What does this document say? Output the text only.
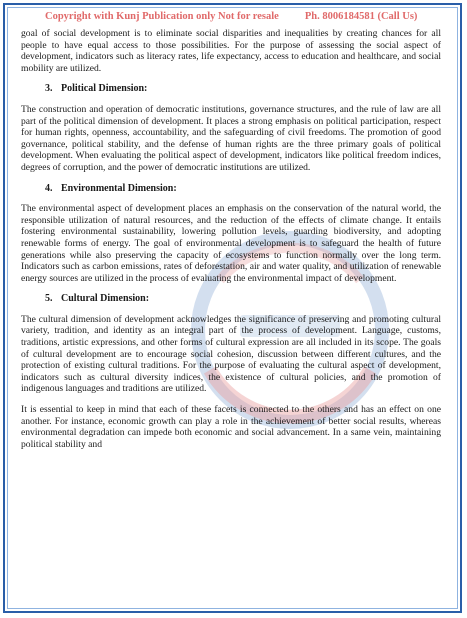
Copyright with Kunj Publication only Not for resale Ph. 8006184581 (Call Us)

goal of social development is to eliminate social disparities and inequalities by creating chances for all people to have equal access to those possibilities. For the purpose of assessing the social aspect of development, indicators such as literacy rates, life expectancy, access to education and healthcare, and social mobility are utilized.

3. Political Dimension:

The construction and operation of democratic institutions, governance structures, and the rule of law are all part of the political dimension of development. It places a strong emphasis on political participation, respect for human rights, openness, accountability, and the safeguarding of civil freedoms. The promotion of good governance, political stability, and the defense of human rights are the three primary goals of political development. When evaluating the political aspect of development, indicators like political freedom indices, degrees of corruption, and the power of democratic institutions are utilized.

4. Environmental Dimension:

The environmental aspect of development places an emphasis on the conservation of the natural world, the responsible utilization of natural resources, and the reduction of the effects of climate change. It entails fostering environmental sustainability, lowering pollution levels, guarding biodiversity, and adopting renewable forms of energy. The goal of environmental development is to safeguard the health of future generations while also preserving the capacity of ecosystems to function normally over the long term. Indicators such as carbon emissions, rates of deforestation, air and water quality, and utilization of renewable energy sources are utilized in the process of evaluating the environmental impact of development.

5. Cultural Dimension:

The cultural dimension of development acknowledges the significance of preserving and promoting cultural variety, tradition, and identity as an integral part of the process of development. Language, customs, traditions, artistic expressions, and other forms of cultural expression are all included in its scope. The goals of cultural development are to encourage social cohesion, discussion between different cultures, and the protection of existing cultural traditions. For the purpose of evaluating the cultural aspect of development, indicators such as cultural diversity indices, the existence of cultural policies, and the promotion of indigenous languages and traditions are utilized.

It is essential to keep in mind that each of these facets is connected to the others and has an effect on one another. For instance, economic growth can play a role in the achievement of better social results, whereas environmental degradation can impede both economic and social advancement. In a same vein, maintaining political stability and
